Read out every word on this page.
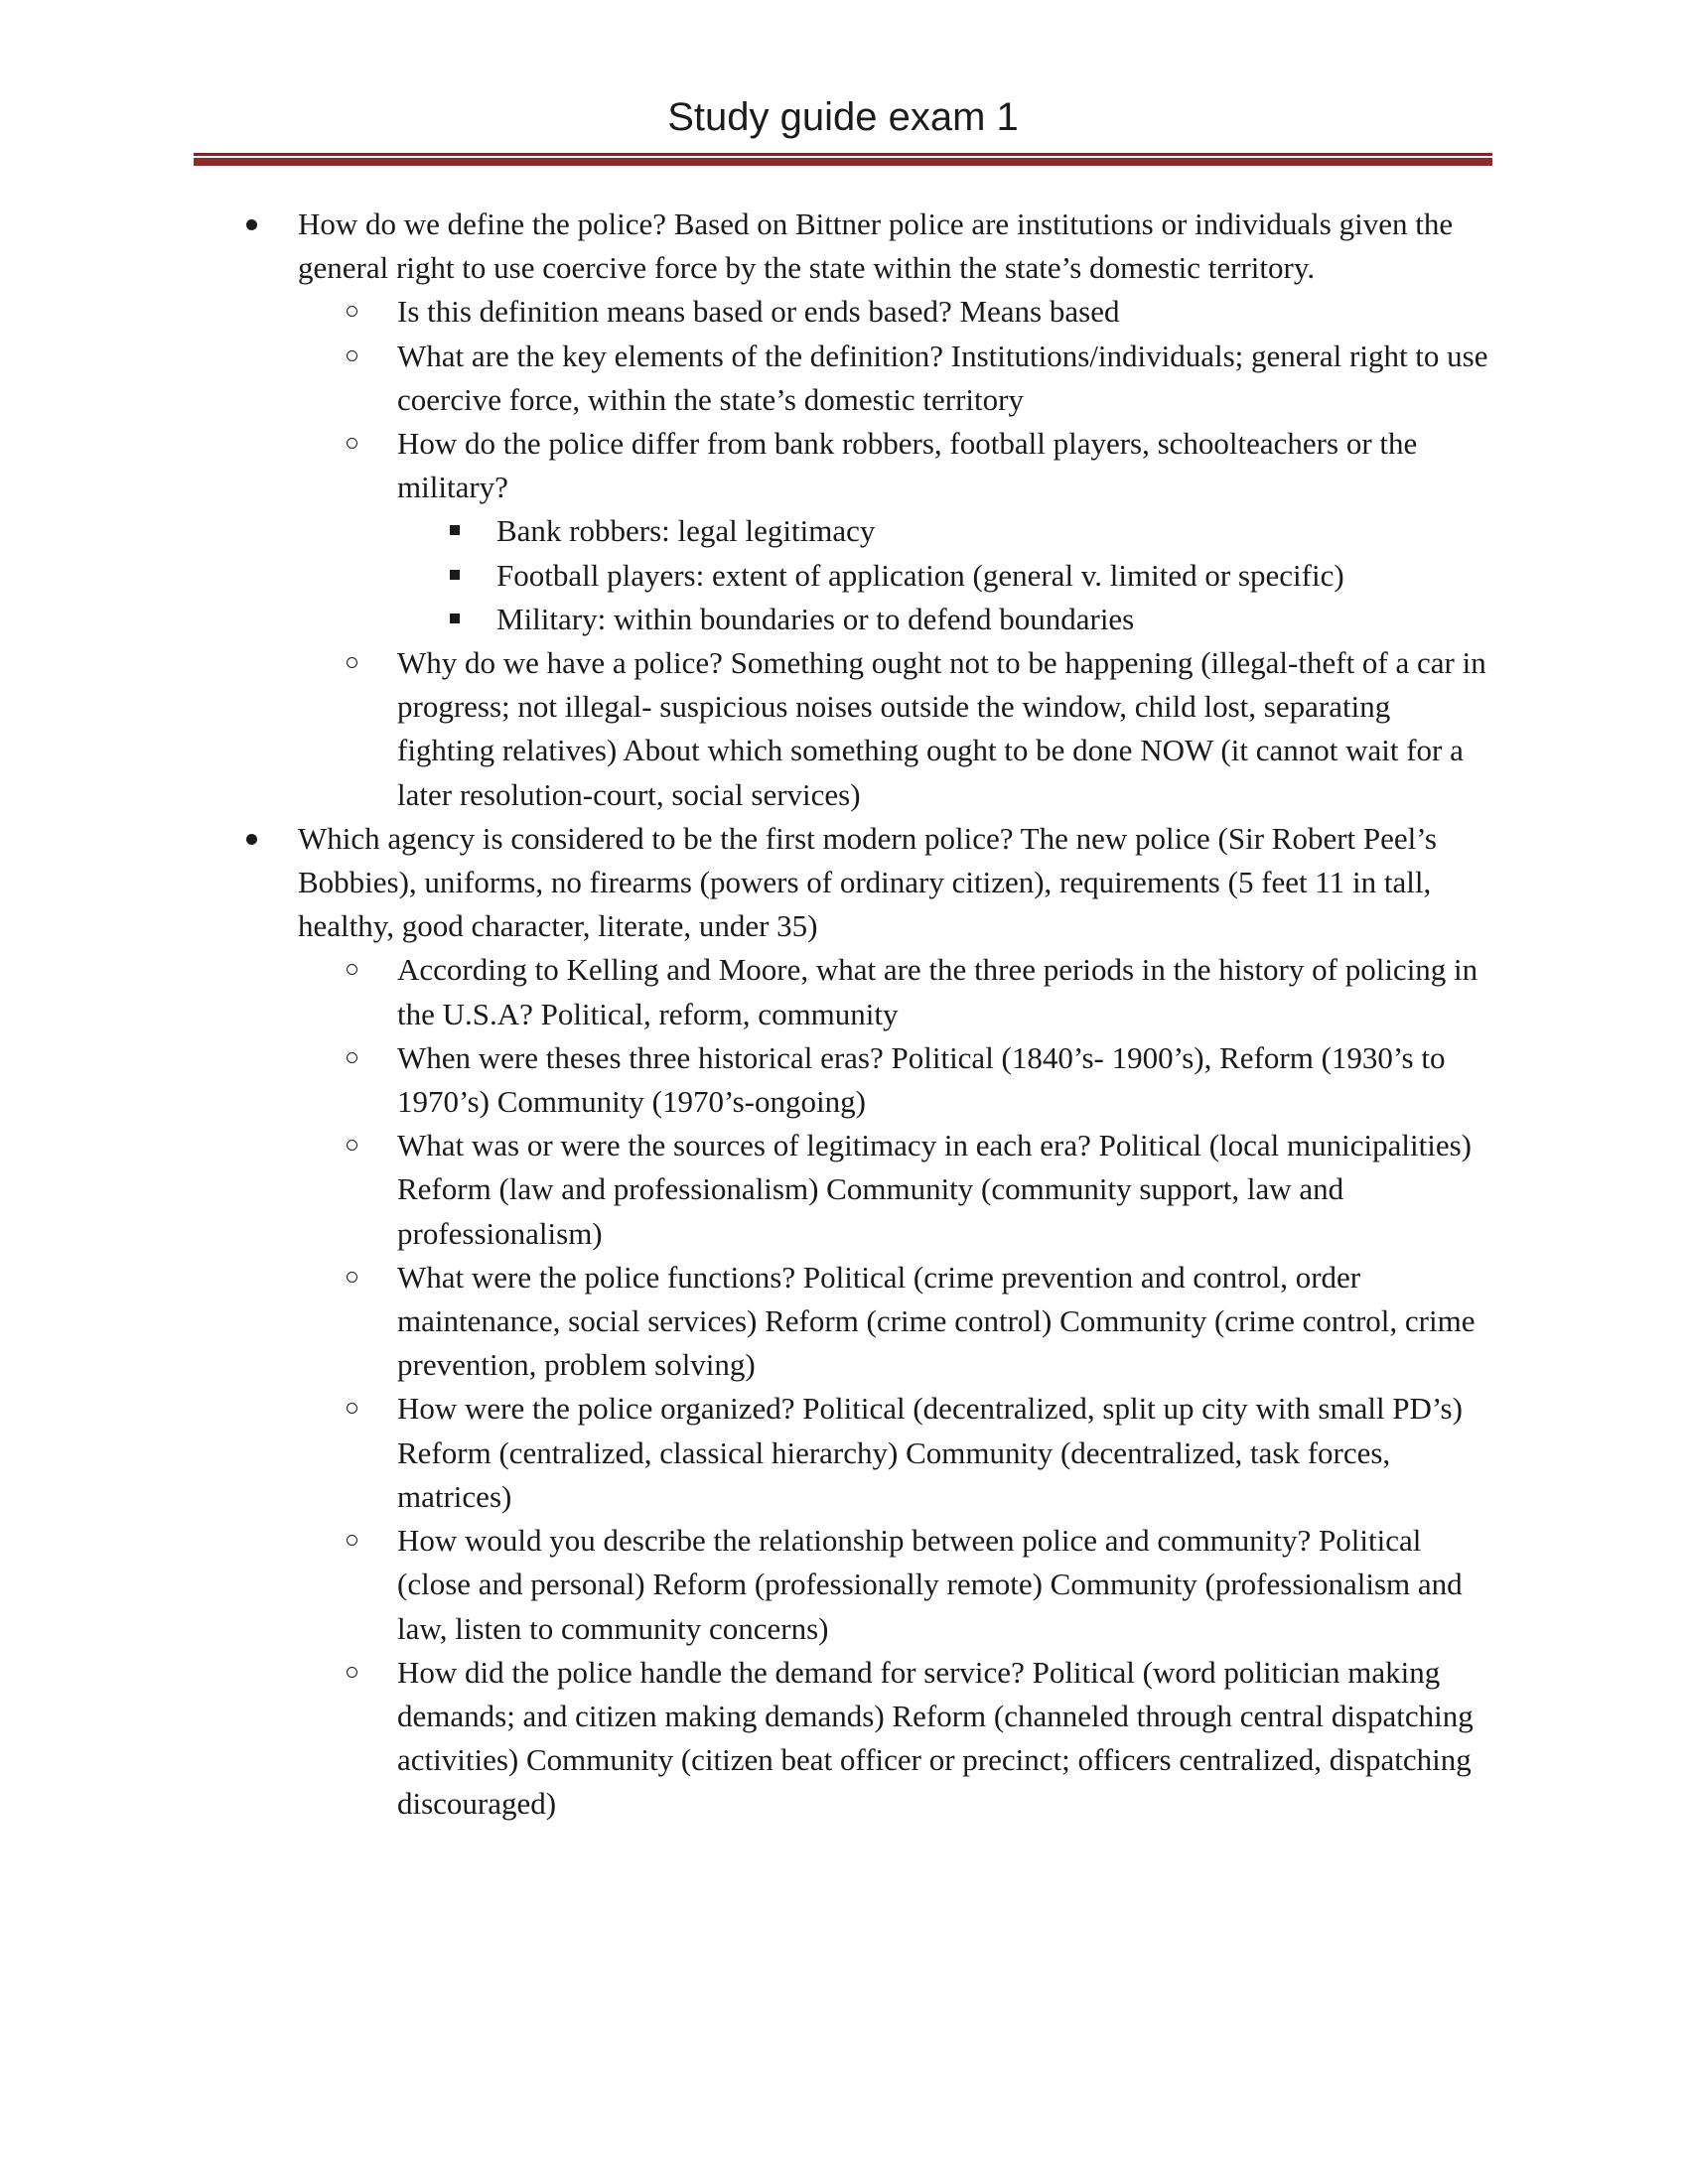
Study guide exam 1
How do we define the police? Based on Bittner police are institutions or individuals given the general right to use coercive force by the state within the state’s domestic territory.
Is this definition means based or ends based? Means based
What are the key elements of the definition? Institutions/individuals; general right to use coercive force, within the state’s domestic territory
How do the police differ from bank robbers, football players, schoolteachers or the military?
Bank robbers: legal legitimacy
Football players: extent of application (general v. limited or specific)
Military: within boundaries or to defend boundaries
Why do we have a police? Something ought not to be happening (illegal-theft of a car in progress; not illegal- suspicious noises outside the window, child lost, separating fighting relatives) About which something ought to be done NOW (it cannot wait for a later resolution-court, social services)
Which agency is considered to be the first modern police? The new police (Sir Robert Peel’s Bobbies), uniforms, no firearms (powers of ordinary citizen), requirements (5 feet 11 in tall, healthy, good character, literate, under 35)
According to Kelling and Moore, what are the three periods in the history of policing in the U.S.A? Political, reform, community
When were theses three historical eras? Political (1840’s- 1900’s), Reform (1930’s to 1970’s) Community (1970’s-ongoing)
What was or were the sources of legitimacy in each era? Political (local municipalities) Reform (law and professionalism) Community (community support, law and professionalism)
What were the police functions? Political (crime prevention and control, order maintenance, social services) Reform (crime control) Community (crime control, crime prevention, problem solving)
How were the police organized? Political (decentralized, split up city with small PD’s) Reform (centralized, classical hierarchy) Community (decentralized, task forces, matrices)
How would you describe the relationship between police and community? Political (close and personal) Reform (professionally remote) Community (professionalism and law, listen to community concerns)
How did the police handle the demand for service? Political (word politician making demands; and citizen making demands) Reform (channeled through central dispatching activities) Community (citizen beat officer or precinct; officers centralized, dispatching discouraged)
